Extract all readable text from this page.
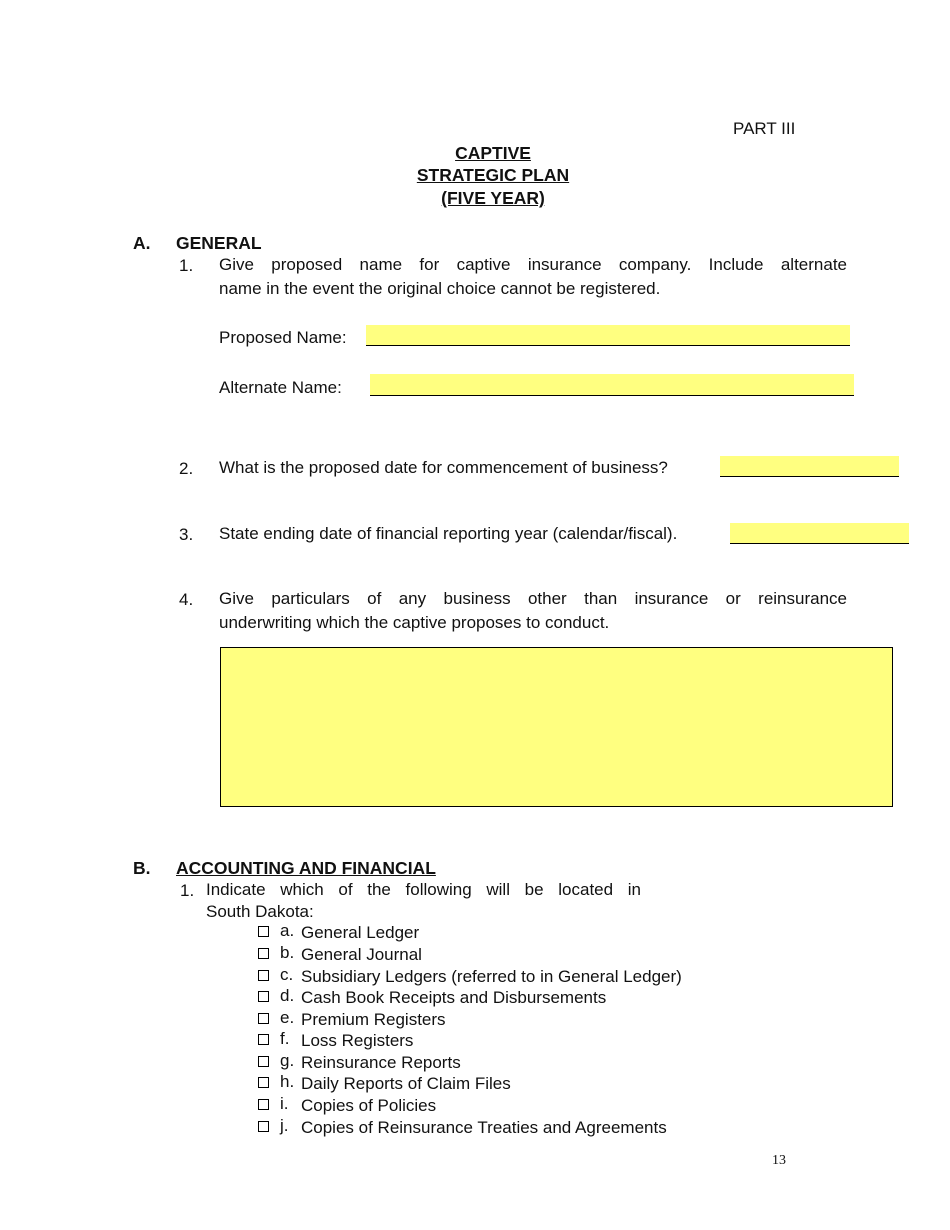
PART III
CAPTIVE
STRATEGIC PLAN
(FIVE YEAR)
A. GENERAL
1. Give proposed name for captive insurance company. Include alternate
name in the event the original choice cannot be registered.
Proposed Name:
Alternate Name:
2. What is the proposed date for commencement of business?
3. State ending date of financial reporting year (calendar/fiscal).
4. Give particulars of any business other than insurance or reinsurance
underwriting which the captive proposes to conduct.
B. ACCOUNTING AND FINANCIAL
1. Indicate which of the following will be located in
South Dakota:
a. General Ledger
b. General Journal
c. Subsidiary Ledgers (referred to in General Ledger)
d. Cash Book Receipts and Disbursements
e. Premium Registers
f. Loss Registers
g. Reinsurance Reports
h. Daily Reports of Claim Files
i. Copies of Policies
j. Copies of Reinsurance Treaties and Agreements
13
